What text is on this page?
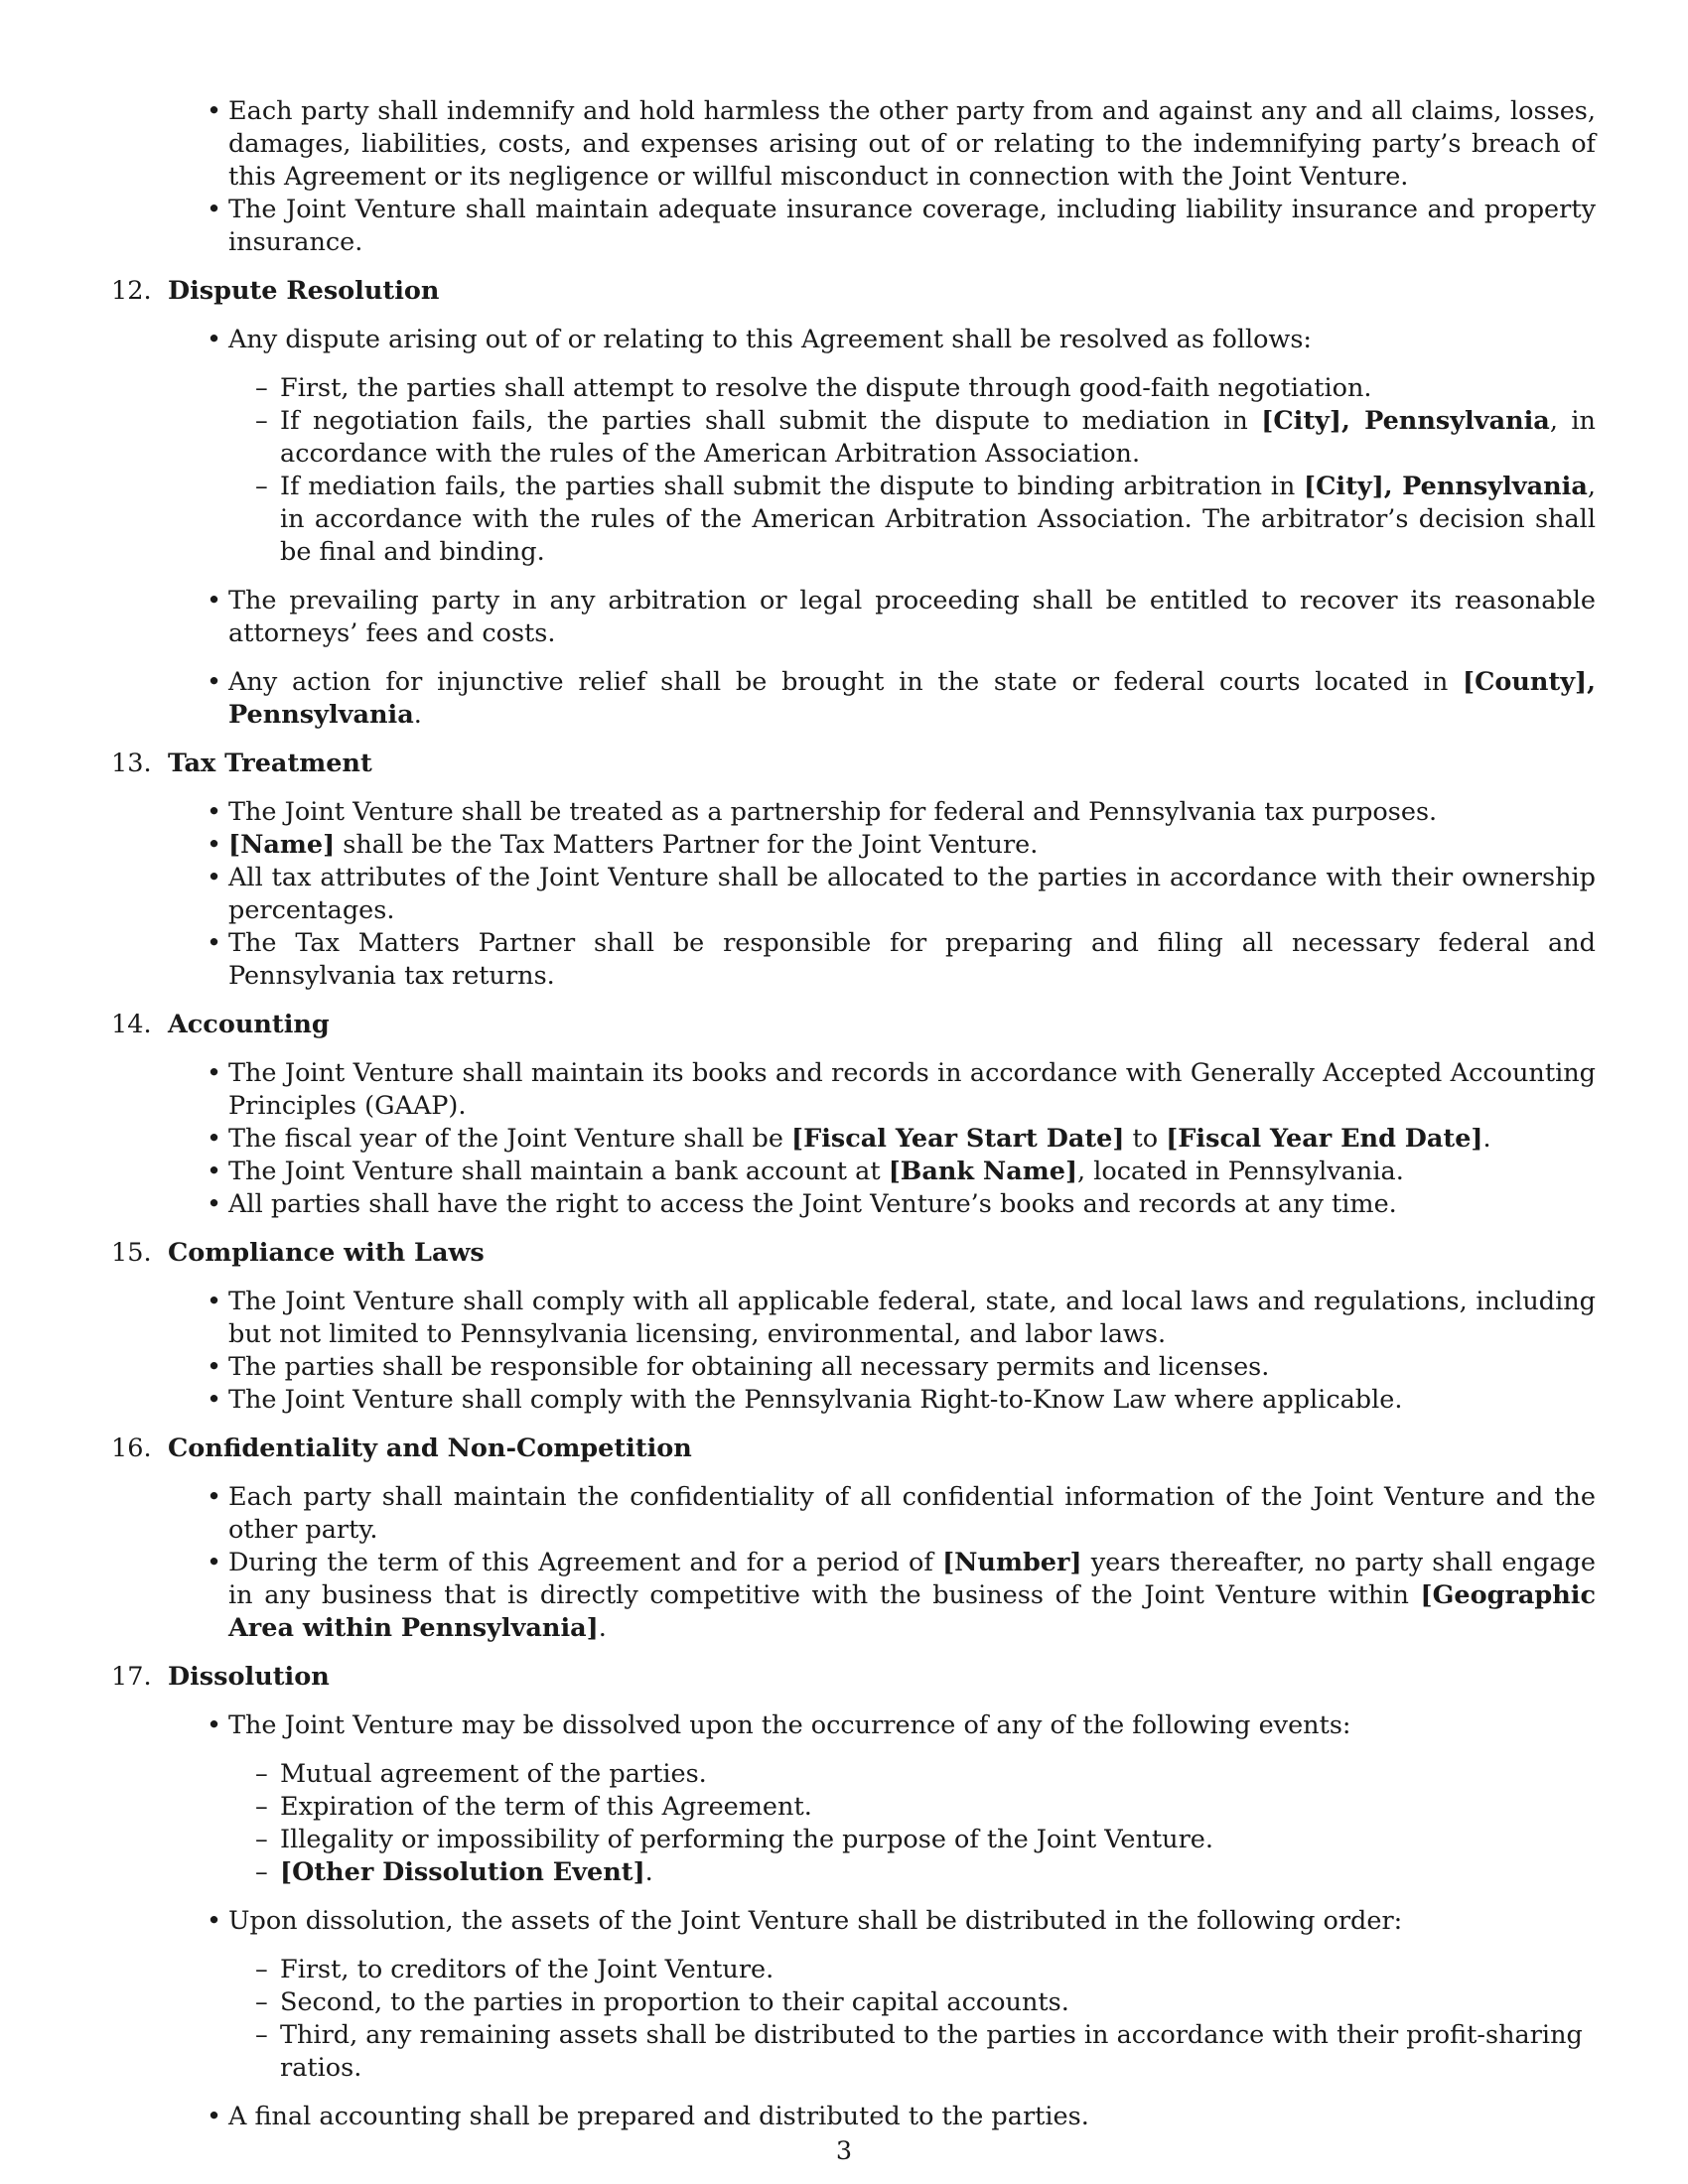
• Each party shall indemnify and hold harmless the other party from and against any and all claims, losses, damages, liabilities, costs, and expenses arising out of or relating to the indemnifying party’s breach of this Agreement or its negligence or willful misconduct in connection with the Joint Venture.
• The Joint Venture shall maintain adequate insurance coverage, including liability insurance and property insurance.
12. Dispute Resolution
• Any dispute arising out of or relating to this Agreement shall be resolved as follows:
– First, the parties shall attempt to resolve the dispute through good-faith negotiation.
– If negotiation fails, the parties shall submit the dispute to mediation in [City], Pennsylvania, in accordance with the rules of the American Arbitration Association.
– If mediation fails, the parties shall submit the dispute to binding arbitration in [City], Pennsylvania, in accordance with the rules of the American Arbitration Association. The arbitrator’s decision shall be final and binding.
• The prevailing party in any arbitration or legal proceeding shall be entitled to recover its reasonable attorneys’ fees and costs.
• Any action for injunctive relief shall be brought in the state or federal courts located in [County], Pennsylvania.
13. Tax Treatment
• The Joint Venture shall be treated as a partnership for federal and Pennsylvania tax purposes.
• [Name] shall be the Tax Matters Partner for the Joint Venture.
• All tax attributes of the Joint Venture shall be allocated to the parties in accordance with their ownership percentages.
• The Tax Matters Partner shall be responsible for preparing and filing all necessary federal and Pennsylvania tax returns.
14. Accounting
• The Joint Venture shall maintain its books and records in accordance with Generally Accepted Accounting Principles (GAAP).
• The fiscal year of the Joint Venture shall be [Fiscal Year Start Date] to [Fiscal Year End Date].
• The Joint Venture shall maintain a bank account at [Bank Name], located in Pennsylvania.
• All parties shall have the right to access the Joint Venture’s books and records at any time.
15. Compliance with Laws
• The Joint Venture shall comply with all applicable federal, state, and local laws and regulations, including but not limited to Pennsylvania licensing, environmental, and labor laws.
• The parties shall be responsible for obtaining all necessary permits and licenses.
• The Joint Venture shall comply with the Pennsylvania Right-to-Know Law where applicable.
16. Confidentiality and Non-Competition
• Each party shall maintain the confidentiality of all confidential information of the Joint Venture and the other party.
• During the term of this Agreement and for a period of [Number] years thereafter, no party shall engage in any business that is directly competitive with the business of the Joint Venture within [Geographic Area within Pennsylvania].
17. Dissolution
• The Joint Venture may be dissolved upon the occurrence of any of the following events:
– Mutual agreement of the parties.
– Expiration of the term of this Agreement.
– Illegality or impossibility of performing the purpose of the Joint Venture.
– [Other Dissolution Event].
• Upon dissolution, the assets of the Joint Venture shall be distributed in the following order:
– First, to creditors of the Joint Venture.
– Second, to the parties in proportion to their capital accounts.
– Third, any remaining assets shall be distributed to the parties in accordance with their profit-sharing ratios.
• A final accounting shall be prepared and distributed to the parties.
3
